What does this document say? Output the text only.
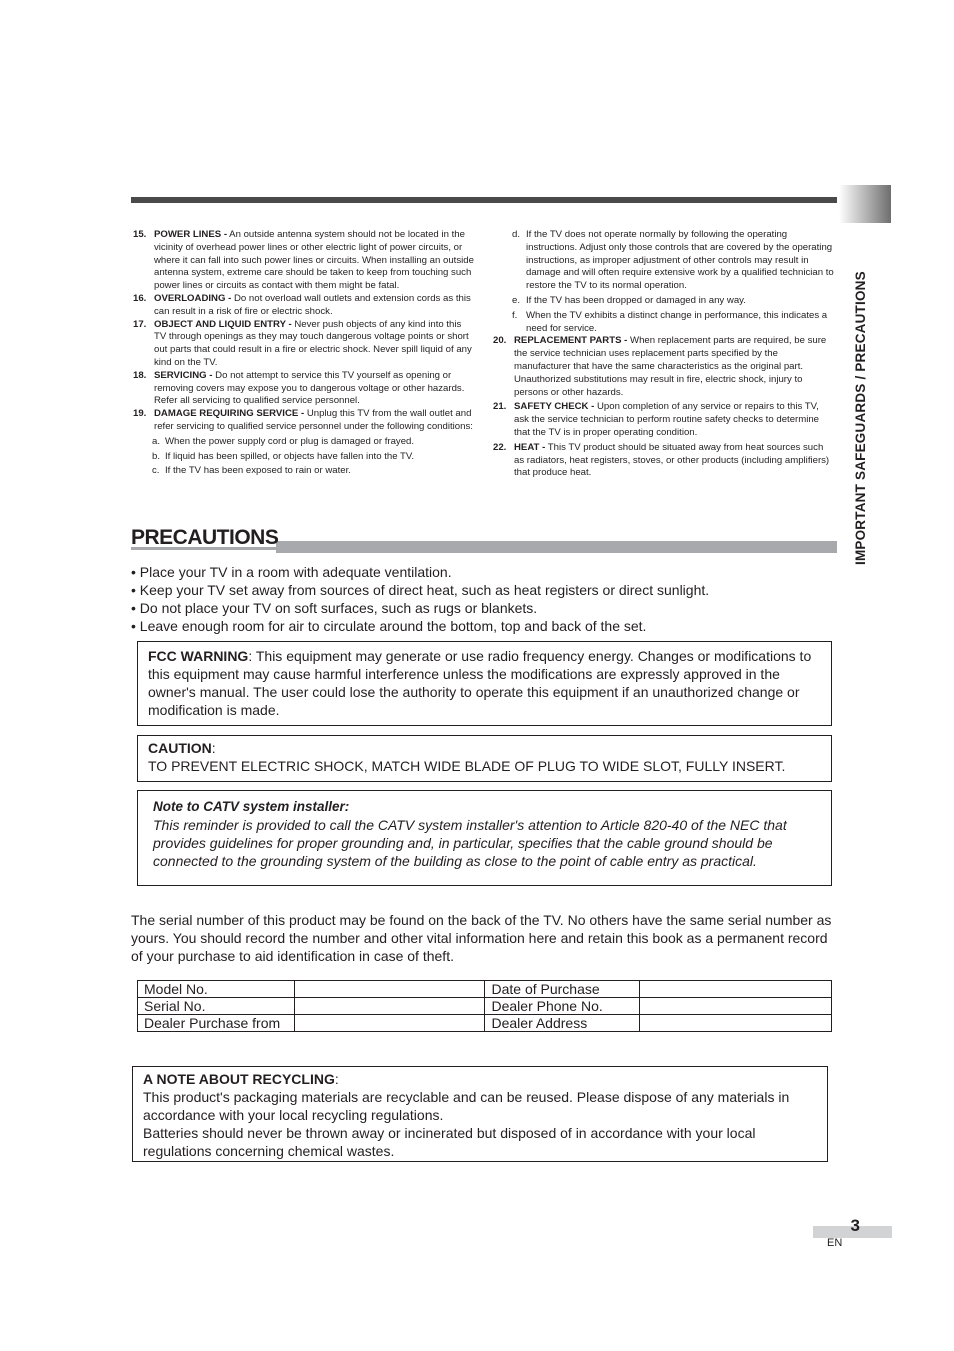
IMPORTANT SAFEGUARDS / PRECAUTIONS
15. POWER LINES - An outside antenna system should not be located in the vicinity of overhead power lines or other electric light of power circuits, or where it can fall into such power lines or circuits. When installing an outside antenna system, extreme care should be taken to keep from touching such power lines or circuits as contact with them might be fatal.
16. OVERLOADING - Do not overload wall outlets and extension cords as this can result in a risk of fire or electric shock.
17. OBJECT AND LIQUID ENTRY - Never push objects of any kind into this TV through openings as they may touch dangerous voltage points or short out parts that could result in a fire or electric shock. Never spill liquid of any kind on the TV.
18. SERVICING - Do not attempt to service this TV yourself as opening or removing covers may expose you to dangerous voltage or other hazards. Refer all servicing to qualified service personnel.
19. DAMAGE REQUIRING SERVICE - Unplug this TV from the wall outlet and refer servicing to qualified service personnel under the following conditions:
a. When the power supply cord or plug is damaged or frayed.
b. If liquid has been spilled, or objects have fallen into the TV.
c. If the TV has been exposed to rain or water.
d. If the TV does not operate normally by following the operating instructions. Adjust only those controls that are covered by the operating instructions, as improper adjustment of other controls may result in damage and will often require extensive work by a qualified technician to restore the TV to its normal operation.
e. If the TV has been dropped or damaged in any way.
f. When the TV exhibits a distinct change in performance, this indicates a need for service.
20. REPLACEMENT PARTS - When replacement parts are required, be sure the service technician uses replacement parts specified by the manufacturer that have the same characteristics as the original part. Unauthorized substitutions may result in fire, electric shock, injury to persons or other hazards.
21. SAFETY CHECK - Upon completion of any service or repairs to this TV, ask the service technician to perform routine safety checks to determine that the TV is in proper operating condition.
22. HEAT - This TV product should be situated away from heat sources such as radiators, heat registers, stoves, or other products (including amplifiers) that produce heat.
PRECAUTIONS
• Place your TV in a room with adequate ventilation.
• Keep your TV set away from sources of direct heat, such as heat registers or direct sunlight.
• Do not place your TV on soft surfaces, such as rugs or blankets.
• Leave enough room for air to circulate around the bottom, top and back of the set.
FCC WARNING: This equipment may generate or use radio frequency energy. Changes or modifications to this equipment may cause harmful interference unless the modifications are expressly approved in the owner's manual. The user could lose the authority to operate this equipment if an unauthorized change or modification is made.
CAUTION:
TO PREVENT ELECTRIC SHOCK, MATCH WIDE BLADE OF PLUG TO WIDE SLOT, FULLY INSERT.
Note to CATV system installer:
This reminder is provided to call the CATV system installer's attention to Article 820-40 of the NEC that provides guidelines for proper grounding and, in particular, specifies that the cable ground should be connected to the grounding system of the building as close to the point of cable entry as practical.
The serial number of this product may be found on the back of the TV. No others have the same serial number as yours. You should record the number and other vital information here and retain this book as a permanent record of your purchase to aid identification in case of theft.
Model No.		Date of Purchase	
Serial No.		Dealer Phone No.	
Dealer Purchase from		Dealer Address	
A NOTE ABOUT RECYCLING:
This product's packaging materials are recyclable and can be reused. Please dispose of any materials in accordance with your local recycling regulations.
Batteries should never be thrown away or incinerated but disposed of in accordance with your local regulations concerning chemical wastes.
3
EN
